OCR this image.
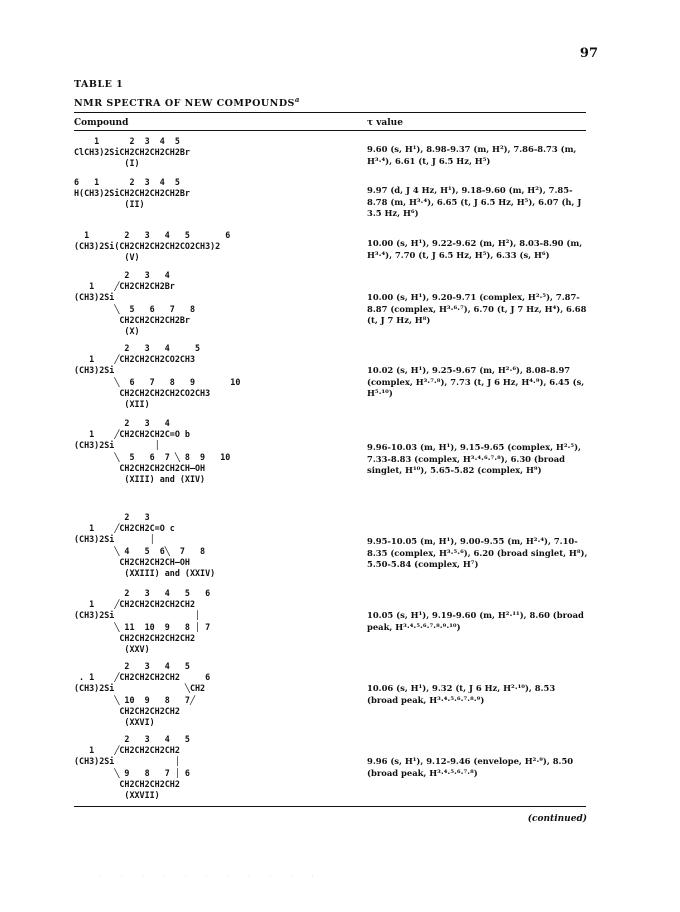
97
TABLE 1
NMR SPECTRA OF NEW COMPOUNDS$^a$
Compound	τ value
1      2  3  4  5
ClCH3)2SiCH2CH2CH2CH2Br
(I)
9.60 (s, H¹), 8.98-9.37 (m, H²), 7.86-8.73 (m, H³·⁴), 6.61 (t, J 6.5 Hz, H⁵)
6   1      2  3  4  5
H(CH3)2SiCH2CH2CH2CH2Br
(II)
9.97 (d, J 4 Hz, H¹), 9.18-9.60 (m, H²), 7.85-8.78 (m, H³·⁴), 6.65 (t, J 6.5 Hz, H⁵), 6.07 (h, J 3.5 Hz, H⁶)
1       2   3   4   5       6
(CH3)2Si(CH2CH2CH2CH2CO2CH3)2
(V)
10.00 (s, H¹), 9.22-9.62 (m, H²), 8.03-8.90 (m, H³·⁴), 7.70 (t, J 6.5 Hz, H⁵), 6.33 (s, H⁶)
2   3   4
1    ╱CH2CH2CH2Br
(CH3)2Si
╲  5   6   7   8
CH2CH2CH2CH2Br
(X)
10.00 (s, H¹), 9.20-9.71 (complex, H²·⁵), 7.87-8.87 (complex, H³·⁶·⁷), 6.70 (t, J 7 Hz, H⁴), 6.68 (t, J 7 Hz, H⁸)
2   3   4     5
1    ╱CH2CH2CH2CO2CH3
(CH3)2Si
╲  6   7   8   9       10
CH2CH2CH2CH2CO2CH3
(XII)
10.02 (s, H¹), 9.25-9.67 (m, H²·⁶), 8.08-8.97 (complex, H³·⁷·⁸), 7.73 (t, J 6 Hz, H⁴·⁹), 6.45 (s, H⁵·¹⁰)
2   3   4
1    ╱CH2CH2CH2C=O b
(CH3)2Si        │
╲  5   6  7 ╲ 8  9   10
CH2CH2CH2CH2CH—OH
(XIII) and (XIV)
9.96-10.03 (m, H¹), 9.15-9.65 (complex, H²·⁵), 7.33-8.83 (complex, H³·⁴·⁶·⁷·⁸), 6.30 (broad singlet, H¹⁰), 5.65-5.82 (complex, H⁹)
2   3
1    ╱CH2CH2C=O c
(CH3)2Si       │
╲ 4   5  6╲  7   8
CH2CH2CH2CH—OH
(XXIII) and (XXIV)
9.95-10.05 (m, H¹), 9.00-9.55 (m, H²·⁴), 7.10-8.35 (complex, H³·⁵·⁶), 6.20 (broad singlet, H⁸), 5.50-5.84 (complex, H⁷)
2   3   4   5   6
1    ╱CH2CH2CH2CH2CH2
(CH3)2Si                │
╲ 11  10  9   8 │ 7
CH2CH2CH2CH2CH2
(XXV)
10.05 (s, H¹), 9.19-9.60 (m, H²·¹¹), 8.60 (broad peak, H³·⁴·⁵·⁶·⁷·⁸·⁹·¹⁰)
2   3   4   5
. 1    ╱CH2CH2CH2CH2     6
(CH3)2Si              ╲CH2
╲ 10  9   8   7╱
CH2CH2CH2CH2
(XXVI)
10.06 (s, H¹), 9.32 (t, J 6 Hz, H²·¹⁰), 8.53 (broad peak, H³·⁴·⁵·⁶·⁷·⁸·⁹)
2   3   4   5
1    ╱CH2CH2CH2CH2
(CH3)2Si            │
╲ 9   8   7 │ 6
CH2CH2CH2CH2
(XXVII)
9.96 (s, H¹), 9.12-9.46 (envelope, H²·⁹), 8.50 (broad peak, H³·⁴·⁵·⁶·⁷·⁸)
(continued)
. . . . . . . . . . .
